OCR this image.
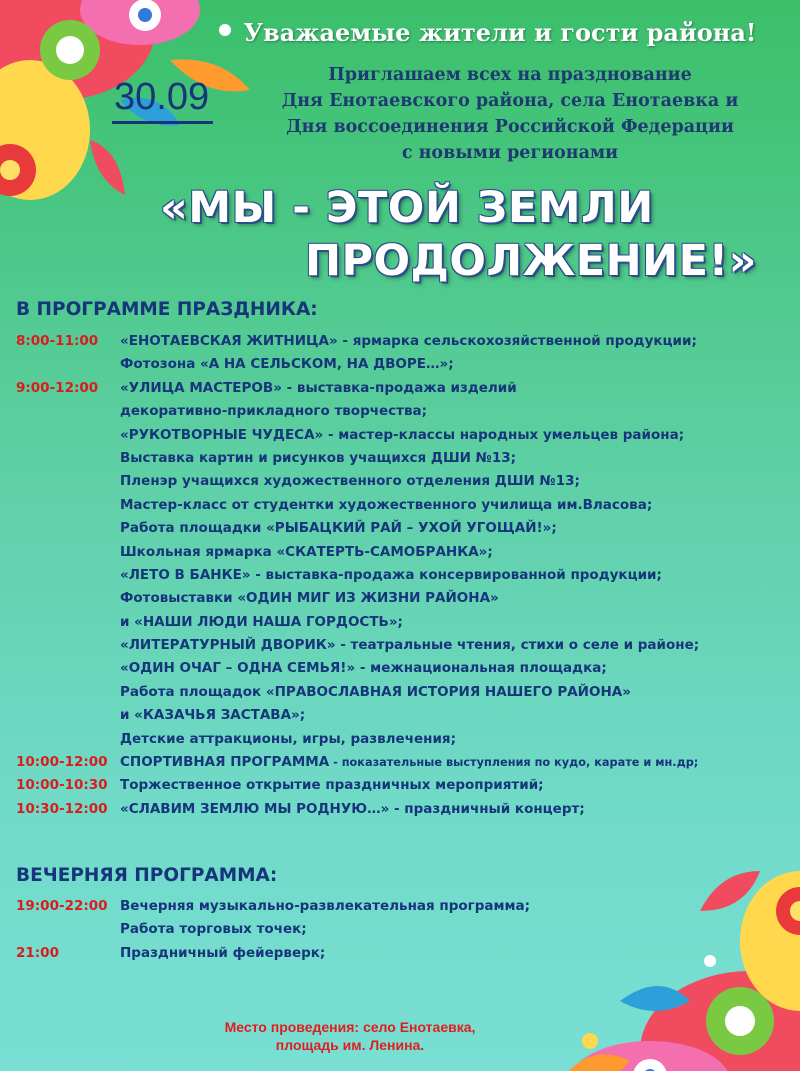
Уважаемые жители и гости района!
30.09
Приглашаем всех на празднование
Дня Енотаевского района, села Енотаевка и
Дня воссоединения Российской Федерации
с новыми регионами
«МЫ - ЭТОЙ ЗЕМЛИ
ПРОДОЛЖЕНИЕ!»
В ПРОГРАММЕ ПРАЗДНИКА:
8:00-11:00	«ЕНОТАЕВСКАЯ ЖИТНИЦА» - ярмарка сельскохозяйственной продукции;
Фотозона «А НА СЕЛЬСКОМ, НА ДВОРЕ…»;
9:00-12:00	«УЛИЦА МАСТЕРОВ» - выставка-продажа изделий
декоративно-прикладного творчества;
«РУКОТВОРНЫЕ ЧУДЕСА» - мастер-классы народных умельцев района;
Выставка картин и рисунков учащихся ДШИ №13;
Пленэр учащихся художественного отделения ДШИ №13;
Мастер-класс от студентки художественного училища им.Власова;
Работа площадки «РЫБАЦКИЙ РАЙ – УХОЙ УГОЩАЙ!»;
Школьная ярмарка «СКАТЕРТЬ-САМОБРАНКА»;
«ЛЕТО В БАНКЕ» - выставка-продажа консервированной продукции;
Фотовыставки «ОДИН МИГ ИЗ ЖИЗНИ РАЙОНА»
и «НАШИ ЛЮДИ НАША ГОРДОСТЬ»;
«ЛИТЕРАТУРНЫЙ ДВОРИК» - театральные чтения, стихи о селе и районе;
«ОДИН ОЧАГ – ОДНА СЕМЬЯ!» - межнациональная площадка;
Работа площадок «ПРАВОСЛАВНАЯ ИСТОРИЯ НАШЕГО РАЙОНА»
и «КАЗАЧЬЯ ЗАСТАВА»;
Детские аттракционы, игры, развлечения;
10:00-12:00 СПОРТИВНАЯ ПРОГРАММА - показательные выступления по кудо, карате и мн.др;
10:00-10:30 Торжественное открытие праздничных мероприятий;
10:30-12:00 «СЛАВИМ ЗЕМЛЮ МЫ РОДНУЮ…» - праздничный концерт;
ВЕЧЕРНЯЯ ПРОГРАММА:
19:00-22:00 Вечерняя музыкально-развлекательная программа;
Работа торговых точек;
21:00	Праздничный фейерверк;
Место проведения: село Енотаевка,
площадь им. Ленина.
